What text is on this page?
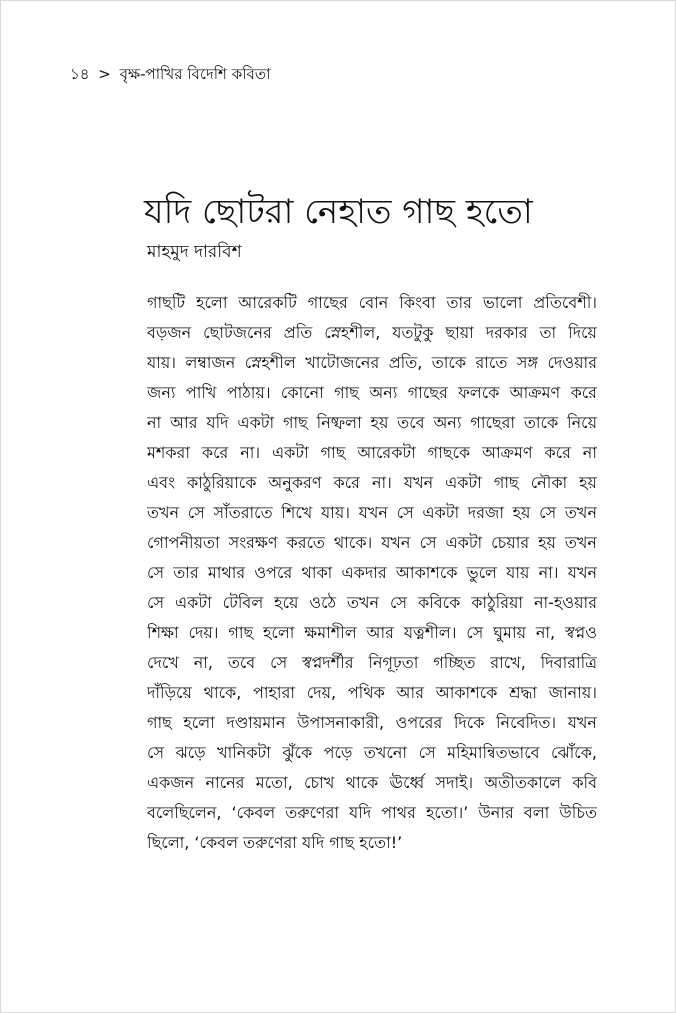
১৪ > বৃক্ষ-পাখির বিদেশি কবিতা
যদি ছোটরা নেহাত গাছ হতো

মাহমুদ দারবিশ

গাছটি হলো আরেকটি গাছের বোন কিংবা তার ভালো প্রতিবেশী।
বড়জন ছোটজনের প্রতি স্নেহশীল, যতটুকু ছায়া দরকার তা দিয়ে
যায়। লম্বাজন স্নেহশীল খাটোজনের প্রতি, তাকে রাতে সঙ্গ দেওয়ার
জন্য পাখি পাঠায়। কোনো গাছ অন্য গাছের ফলকে আক্রমণ করে
না আর যদি একটা গাছ নিষ্ফলা হয় তবে অন্য গাছেরা তাকে নিয়ে
মশকরা করে না। একটা গাছ আরেকটা গাছকে আক্রমণ করে না
এবং কাঠুরিয়াকে অনুকরণ করে না। যখন একটা গাছ নৌকা হয়
তখন সে সাঁতরাতে শিখে যায়। যখন সে একটা দরজা হয় সে তখন
গোপনীয়তা সংরক্ষণ করতে থাকে। যখন সে একটা চেয়ার হয় তখন
সে তার মাথার ওপরে থাকা একদার আকাশকে ভুলে যায় না। যখন
সে একটা টেবিল হয়ে ওঠে তখন সে কবিকে কাঠুরিয়া না-হওয়ার
শিক্ষা দেয়। গাছ হলো ক্ষমাশীল আর যত্নশীল। সে ঘুমায় না, স্বপ্নও
দেখে না, তবে সে স্বপ্নদর্শীর নিগূঢ়তা গচ্ছিত রাখে, দিবারাত্রি
দাঁড়িয়ে থাকে, পাহারা দেয়, পথিক আর আকাশকে শ্রদ্ধা জানায়।
গাছ হলো দণ্ডায়মান উপাসনাকারী, ওপরের দিকে নিবেদিত। যখন
সে ঝড়ে খানিকটা ঝুঁকে পড়ে তখনো সে মহিমান্বিতভাবে ঝোঁকে,
একজন নানের মতো, চোখ থাকে ঊর্ধ্বে সদাই। অতীতকালে কবি
বলেছিলেন, ‘কেবল তরুণেরা যদি পাথর হতো।’ উনার বলা উচিত
ছিলো, ‘কেবল তরুণেরা যদি গাছ হতো!’
